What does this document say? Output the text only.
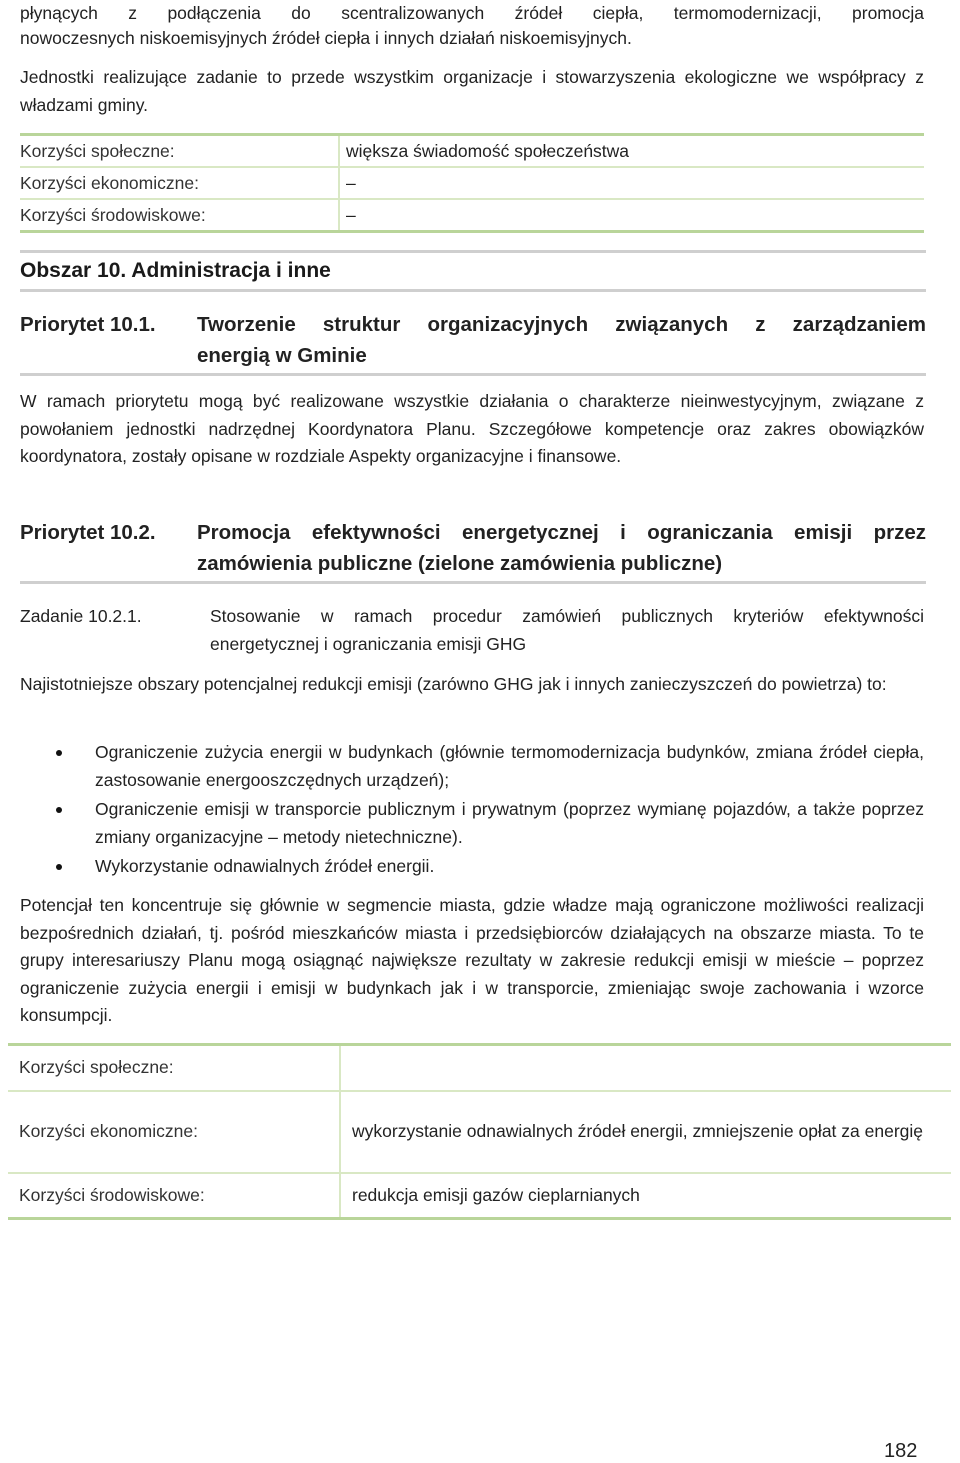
płynących z podłączenia do scentralizowanych źródeł ciepła, termomodernizacji, promocja

nowoczesnych niskoemisyjnych źródeł ciepła i innych działań niskoemisyjnych.

Jednostki realizujące zadanie to przede wszystkim organizacje i stowarzyszenia ekologiczne we współpracy z władzami gminy.

Korzyści społeczne:	większa świadomość społeczeństwa
Korzyści ekonomiczne:	–
Korzyści środowiskowe:	–
Obszar 10. Administracja i inne
Priorytet 10.1. Tworzenie struktur organizacyjnych związanych z zarządzaniem
energią w Gminie

W ramach priorytetu mogą być realizowane wszystkie działania o charakterze nieinwestycyjnym, związane z powołaniem jednostki nadrzędnej Koordynatora Planu. Szczegółowe kompetencje oraz zakres obowiązków koordynatora, zostały opisane w rozdziale Aspekty organizacyjne i finansowe.

Priorytet 10.2. Promocja efektywności energetycznej i ograniczania emisji przez
zamówienia publiczne (zielone zamówienia publiczne)
Zadanie 10.2.1.	Stosowanie w ramach procedur zamówień publicznych kryteriów efektywności
energetycznej i ograniczania emisji GHG

Najistotniejsze obszary potencjalnej redukcji emisji (zarówno GHG jak i innych zanieczyszczeń do powietrza) to:

Ograniczenie zużycia energii w budynkach (głównie termomodernizacja budynków, zmiana źródeł ciepła, zastosowanie energooszczędnych urządzeń);
Ograniczenie emisji w transporcie publicznym i prywatnym (poprzez wymianę pojazdów, a także poprzez zmiany organizacyjne – metody nietechniczne).
Wykorzystanie odnawialnych źródeł energii.

Potencjał ten koncentruje się głównie w segmencie miasta, gdzie władze mają ograniczone możliwości realizacji bezpośrednich działań, tj. pośród mieszkańców miasta i przedsiębiorców działających na obszarze miasta. To te grupy interesariuszy Planu mogą osiągnąć największe rezultaty w zakresie redukcji emisji w mieście – poprzez ograniczenie zużycia energii i emisji w budynkach jak i w transporcie, zmieniając swoje zachowania i wzorce konsumpcji.

Korzyści społeczne:	
Korzyści ekonomiczne:	wykorzystanie odnawialnych źródeł energii, zmniejszenie opłat za energię
Korzyści środowiskowe:	redukcja emisji gazów cieplarnianych
182
